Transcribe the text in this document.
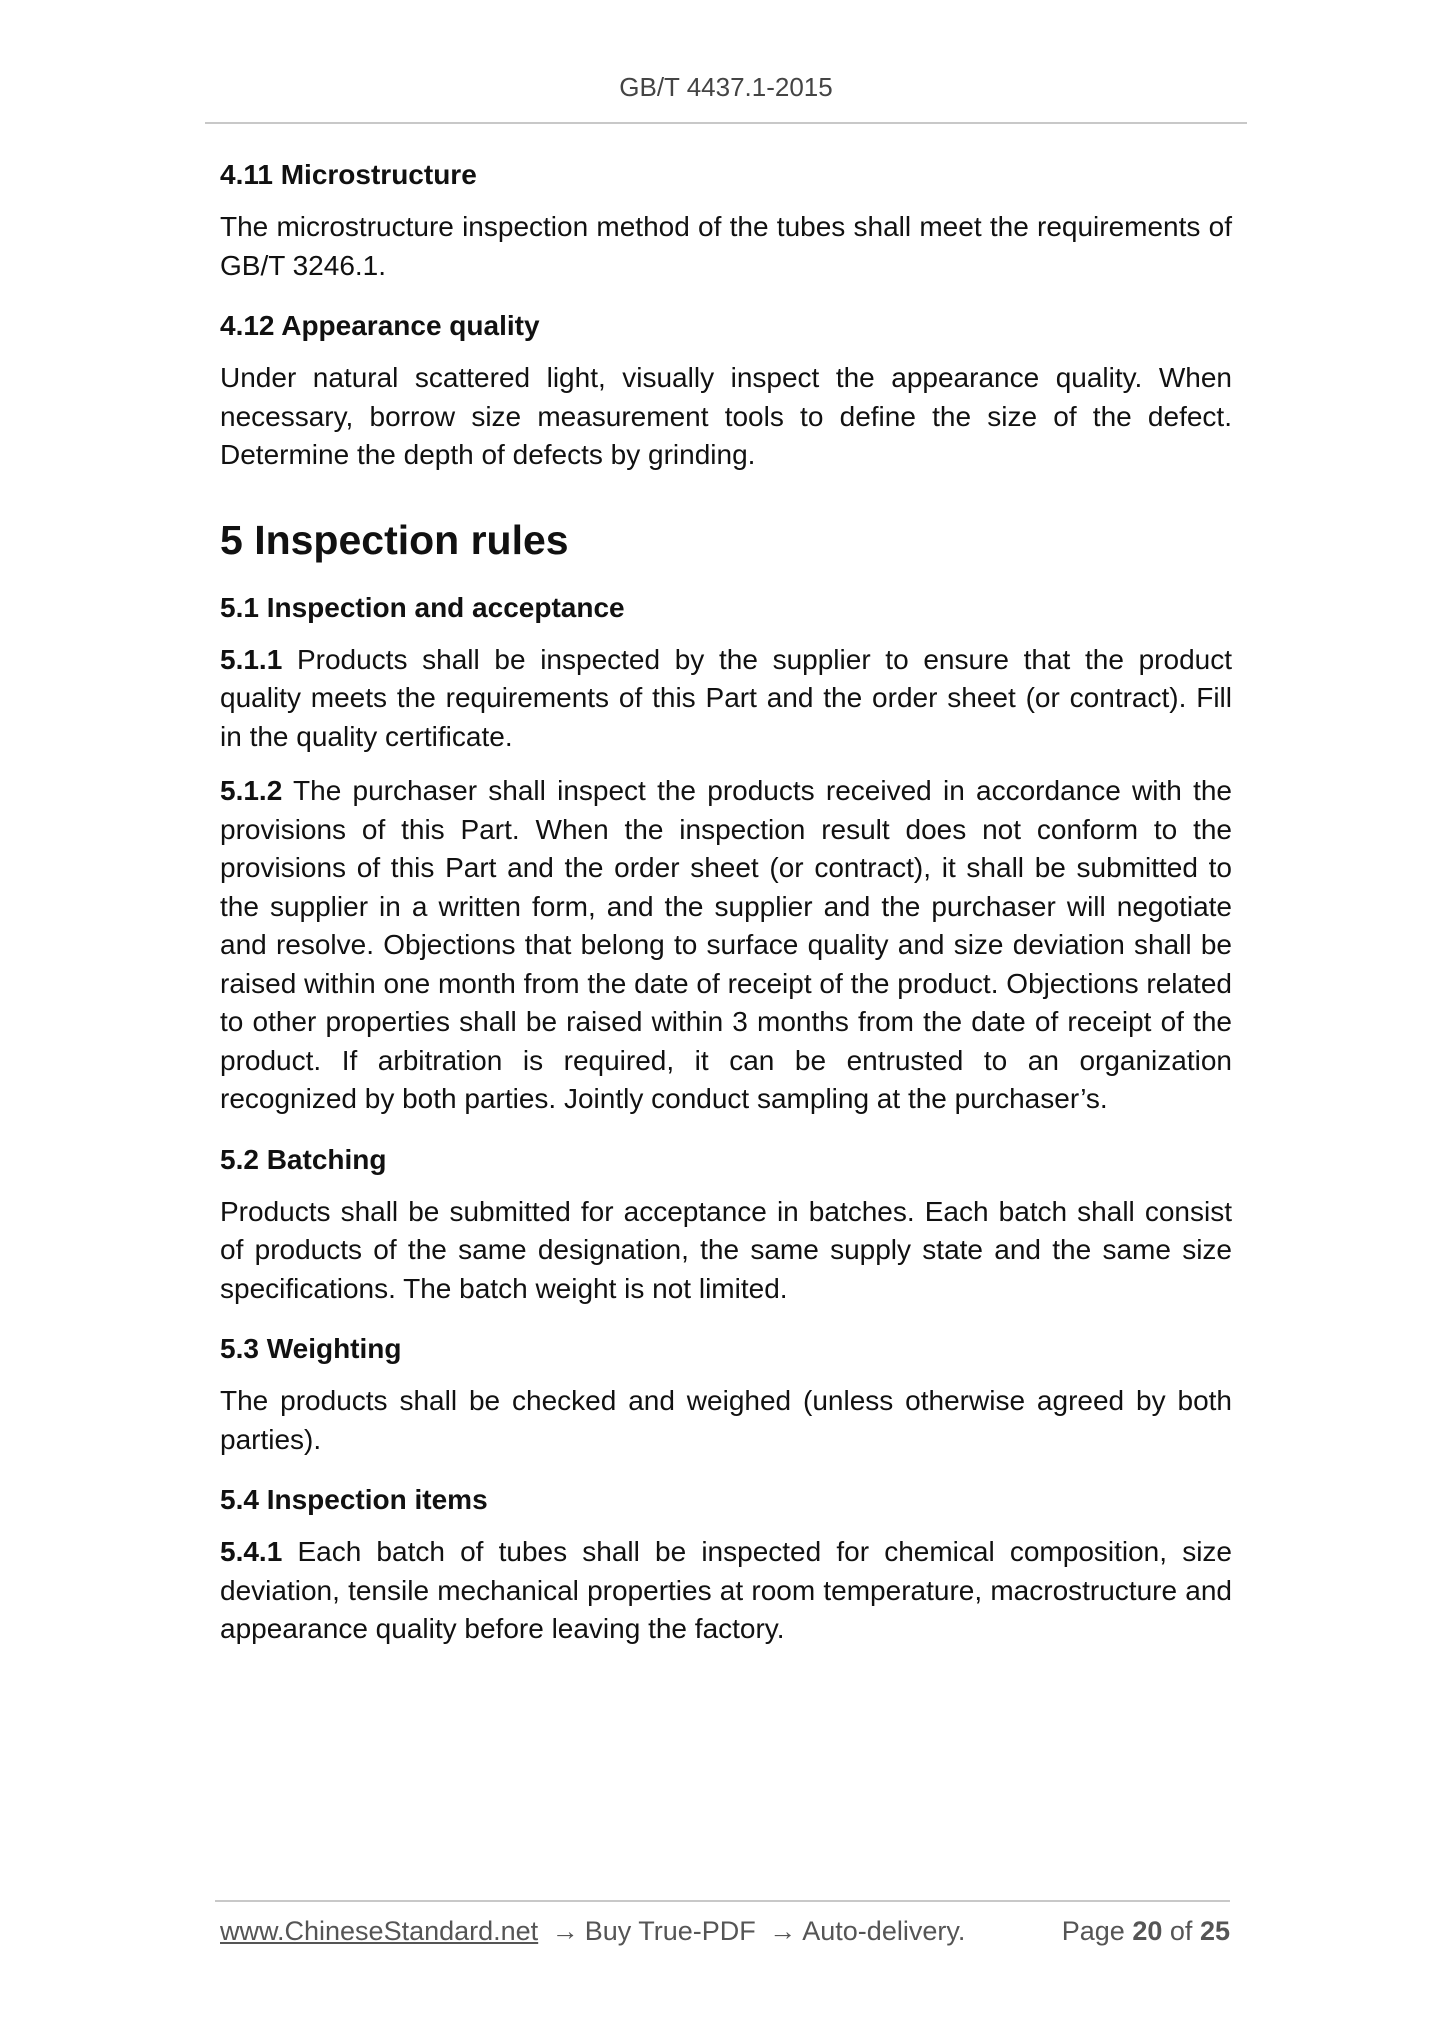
GB/T 4437.1-2015
4.11 Microstructure

The microstructure inspection method of the tubes shall meet the requirements of GB/T 3246.1.

4.12 Appearance quality

Under natural scattered light, visually inspect the appearance quality. When necessary, borrow size measurement tools to define the size of the defect. Determine the depth of defects by grinding.

5 Inspection rules
5.1 Inspection and acceptance

5.1.1 Products shall be inspected by the supplier to ensure that the product quality meets the requirements of this Part and the order sheet (or contract). Fill in the quality certificate.

5.1.2 The purchaser shall inspect the products received in accordance with the provisions of this Part. When the inspection result does not conform to the provisions of this Part and the order sheet (or contract), it shall be submitted to the supplier in a written form, and the supplier and the purchaser will negotiate and resolve. Objections that belong to surface quality and size deviation shall be raised within one month from the date of receipt of the product. Objections related to other properties shall be raised within 3 months from the date of receipt of the product. If arbitration is required, it can be entrusted to an organization recognized by both parties. Jointly conduct sampling at the purchaser’s.

5.2 Batching

Products shall be submitted for acceptance in batches. Each batch shall consist of products of the same designation, the same supply state and the same size specifications. The batch weight is not limited.

5.3 Weighting

The products shall be checked and weighed (unless otherwise agreed by both parties).

5.4 Inspection items

5.4.1 Each batch of tubes shall be inspected for chemical composition, size deviation, tensile mechanical properties at room temperature, macrostructure and appearance quality before leaving the factory.

www.ChineseStandard.net → Buy True-PDF → Auto-delivery.	Page 20 of 25
